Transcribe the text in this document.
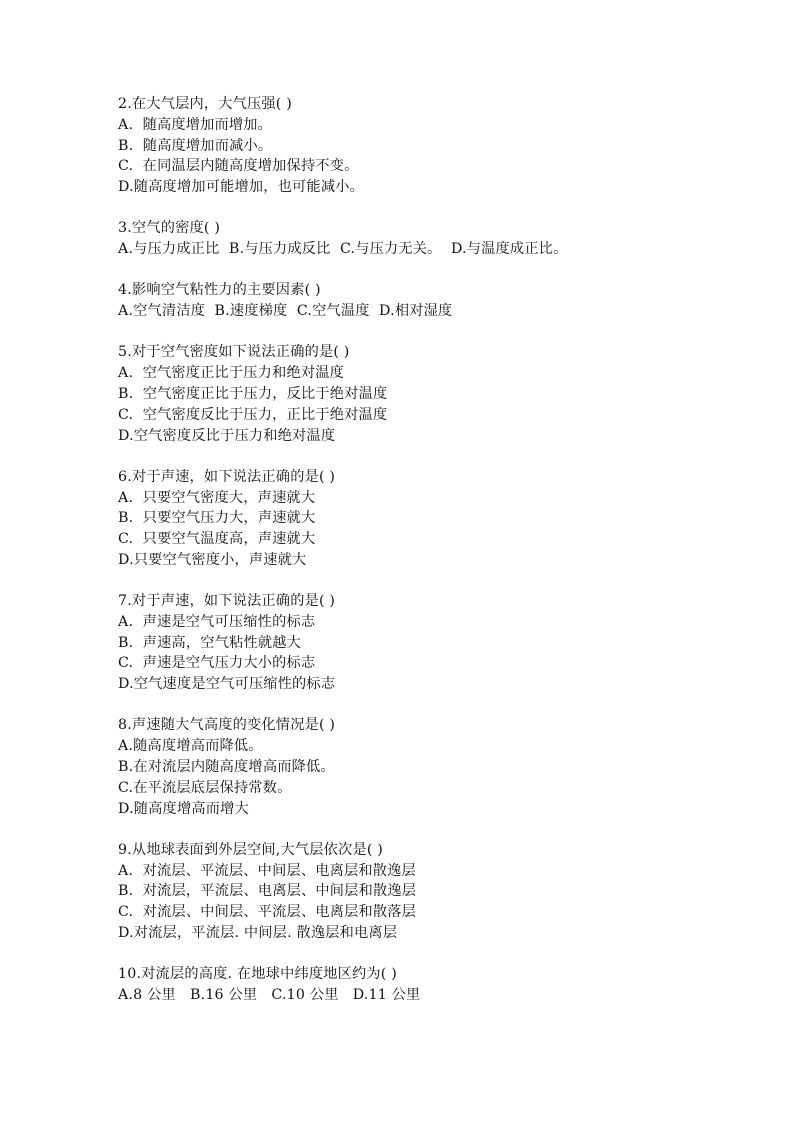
2.在大气层内，大气压强( )
A.  随高度增加而增加。
B.  随高度增加而减小。
C.  在同温层内随高度增加保持不变。
D.随高度增加可能增加，也可能减小。
3.空气的密度( )
A.与压力成正比  B.与压力成反比  C.与压力无关。  D.与温度成正比。
4.影响空气粘性力的主要因素( )
A.空气清洁度  B.速度梯度  C.空气温度  D.相对湿度
5.对于空气密度如下说法正确的是( )
A.  空气密度正比于压力和绝对温度
B.  空气密度正比于压力，反比于绝对温度
C.  空气密度反比于压力，正比于绝对温度
D.空气密度反比于压力和绝对温度
6.对于声速，如下说法正确的是( )
A.  只要空气密度大，声速就大
B.  只要空气压力大，声速就大
C.  只要空气温度高，声速就大
D.只要空气密度小，声速就大
7.对于声速，如下说法正确的是( )
A.  声速是空气可压缩性的标志
B.  声速高，空气粘性就越大
C.  声速是空气压力大小的标志
D.空气速度是空气可压缩性的标志
8.声速随大气高度的变化情况是( )
A.随高度增高而降低。
B.在对流层内随高度增高而降低。
C.在平流层底层保持常数。
D.随高度增高而增大
9.从地球表面到外层空间,大气层依次是( )
A.  对流层、平流层、中间层、电离层和散逸层
B.  对流层，平流层、电离层、中间层和散逸层
C.  对流层、中间层、平流层、电离层和散落层
D.对流层，平流层. 中间层. 散逸层和电离层
10.对流层的高度. 在地球中纬度地区约为( )
A.8 公里   B.16 公里   C.10 公里   D.11 公里
